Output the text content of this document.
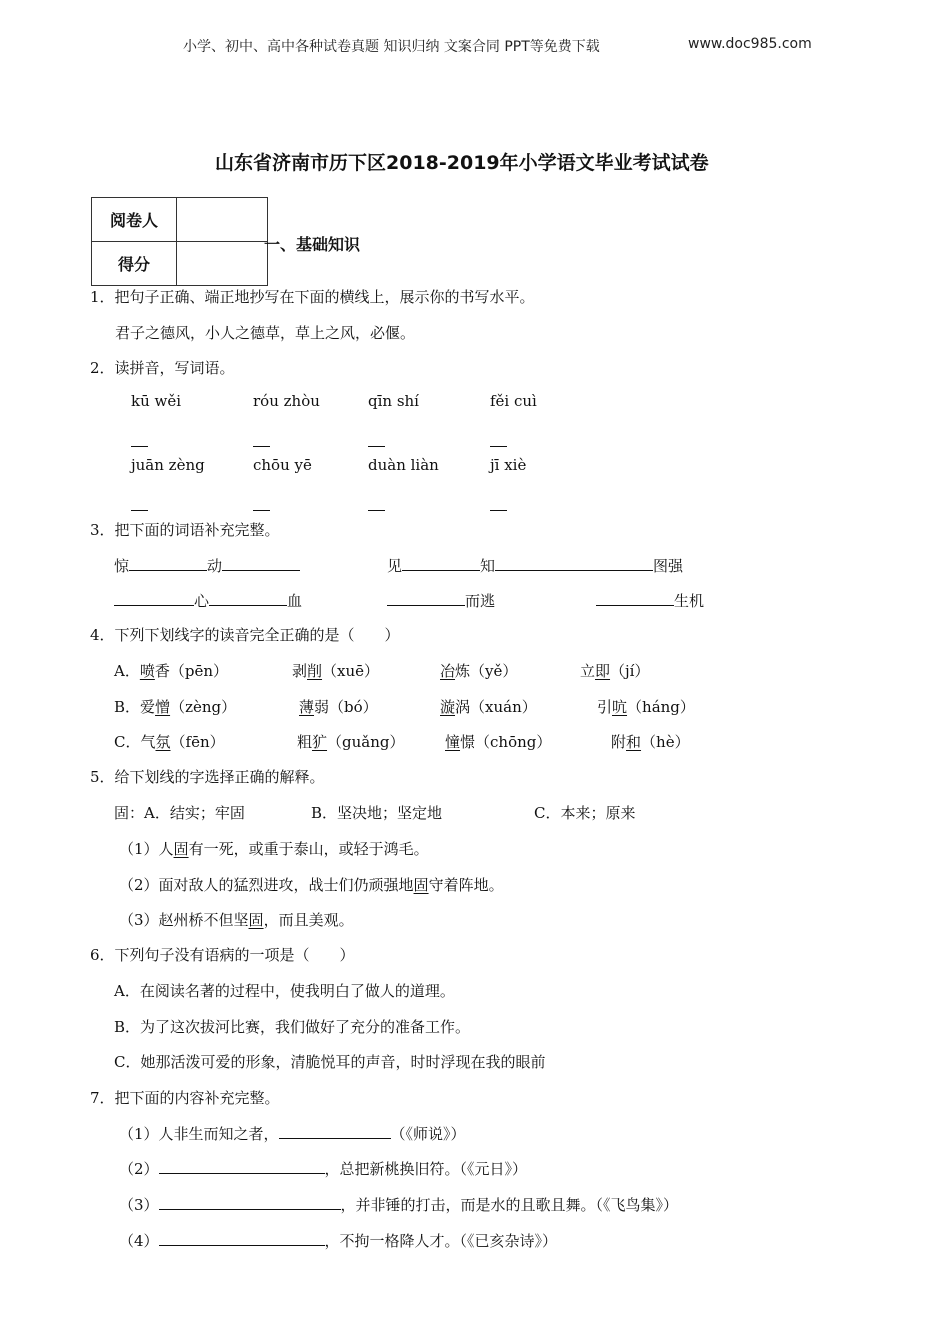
小学、初中、高中各种试卷真题 知识归纳 文案合同 PPT等免费下载	www.doc985.com
山东省济南市历下区2018-2019年小学语文毕业考试试卷
阅卷人	
得分	
一、基础知识
1．把句子正确、端正地抄写在下面的横线上，展示你的书写水平。
君子之德风，小人之德草，草上之风，必偃。
2．读拼音，写词语。
kū wěi	róu zhòu	qīn shí	fěi cuì
juān zèng	chōu yē	duàn liàn	jī xiè
3．把下面的词语补充完整。
惊	动	见	知	图强
心	血	而逃	生机
4．下列下划线字的读音完全正确的是（　　）
A．喷香（pēn）	剥削（xuē）	冶炼（yě）	立即（jí）
B．爱憎（zèng）	薄弱（bó）	漩涡（xuán）	引吭（háng）
C．气氛（fēn）	粗犷（guǎng）	憧憬（chōng）	附和（hè）
5．给下划线的字选择正确的解释。
固：A．结实；牢固	B．坚决地；坚定地	C．本来；原来
（1）人固有一死，或重于泰山，或轻于鸿毛。
（2）面对敌人的猛烈进攻，战士们仍顽强地固守着阵地。
（3）赵州桥不但坚固，而且美观。
6．下列句子没有语病的一项是（　　）
A．在阅读名著的过程中，使我明白了做人的道理。
B．为了这次拔河比赛，我们做好了充分的准备工作。
C．她那活泼可爱的形象，清脆悦耳的声音，时时浮现在我的眼前
7．把下面的内容补充完整。
（1）人非生而知之者，	（《师说》）
（2）	，总把新桃换旧符。（《元日》）
（3）	，并非锤的打击，而是水的且歌且舞。（《飞鸟集》）
（4）	，不拘一格降人才。（《已亥杂诗》）
